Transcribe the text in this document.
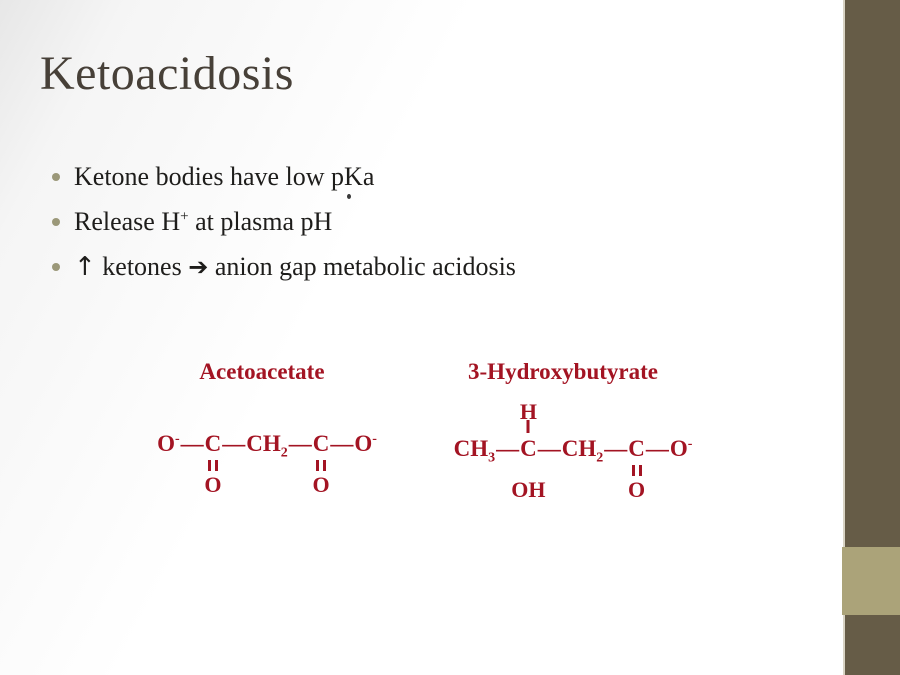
Ketoacidosis
Ketone bodies have low pKa
Release H+ at plasma pH
↑ ketones ➔ anion gap metabolic acidosis
Acetoacetate
O- — C
O
— $CH_2$ — C
O
— O-
3-Hydroxybutyrate
$CH_3$ — C
H
OH
— $CH_2$ — C
O
— O-
